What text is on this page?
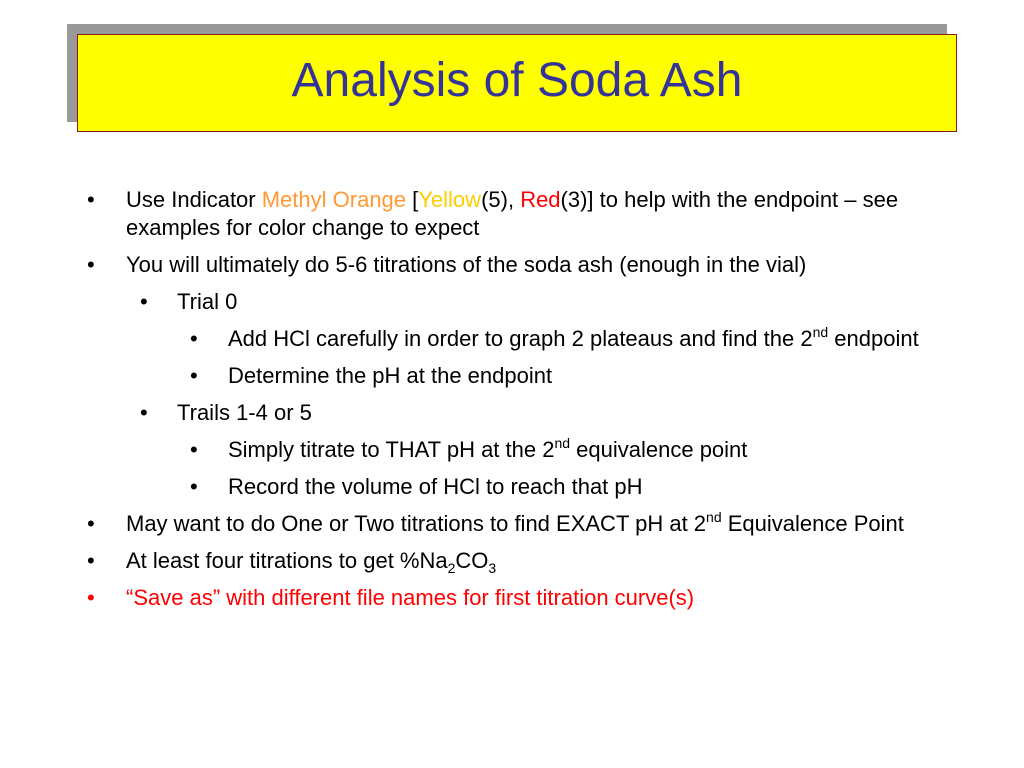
Analysis of Soda Ash
• Use Indicator Methyl Orange [Yellow(5), Red(3)] to help with the endpoint – see examples for color change to expect
• You will ultimately do 5-6 titrations of the soda ash (enough in the vial)
• Trial 0
• Add HCl carefully in order to graph 2 plateaus and find the 2nd endpoint
• Determine the pH at the endpoint
• Trails 1-4 or 5
• Simply titrate to THAT pH at the 2nd equivalence point
• Record the volume of HCl to reach that pH
• May want to do One or Two titrations to find EXACT pH at 2nd Equivalence Point
• At least four titrations to get $\%Na_2CO_3$
• “Save as” with different file names for first titration curve(s)
